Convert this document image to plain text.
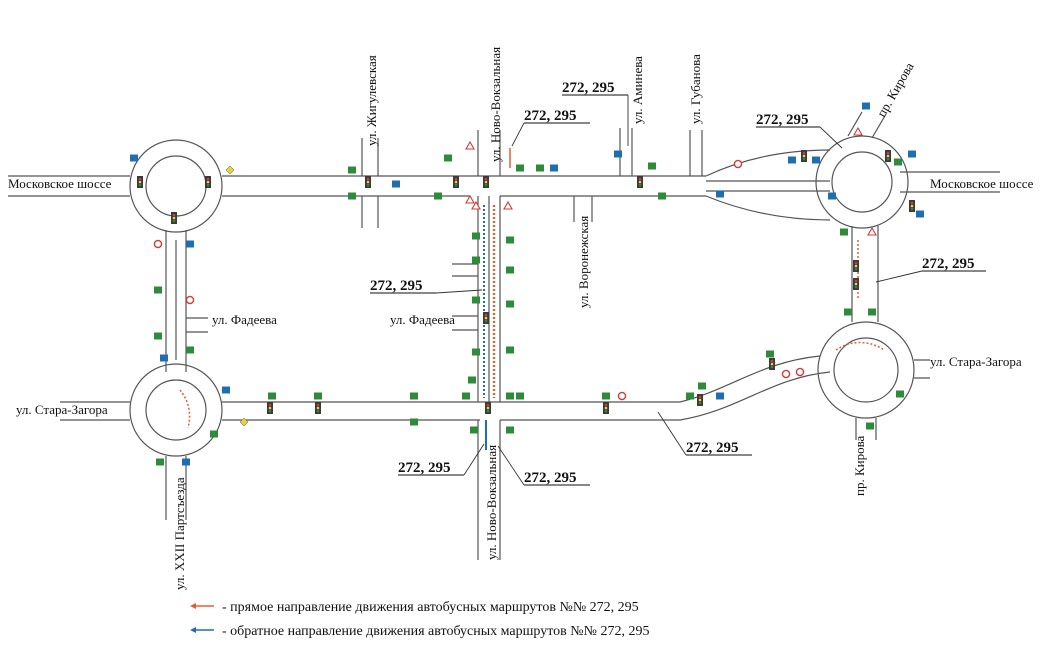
Московское шоссе	Московское шоссе
ул. Жигулевская	ул. Ново-Вокзальная	ул. Аминева	ул. Губанова	пр. Кирова
ул. Воронежская
ул. Фадеева	ул. Фадеева
ул. Стара-Загора
ул. Стара-Загора
ул. XXII Партсъезда	ул. Ново-Вокзальная	пр. Кирова
272, 295
272, 295
272, 295
272, 295
272, 295
272, 295
272, 295
272, 295
- прямое направление движения автобусных маршрутов №№ 272, 295
- обратное направление движения автобусных маршрутов №№ 272, 295
